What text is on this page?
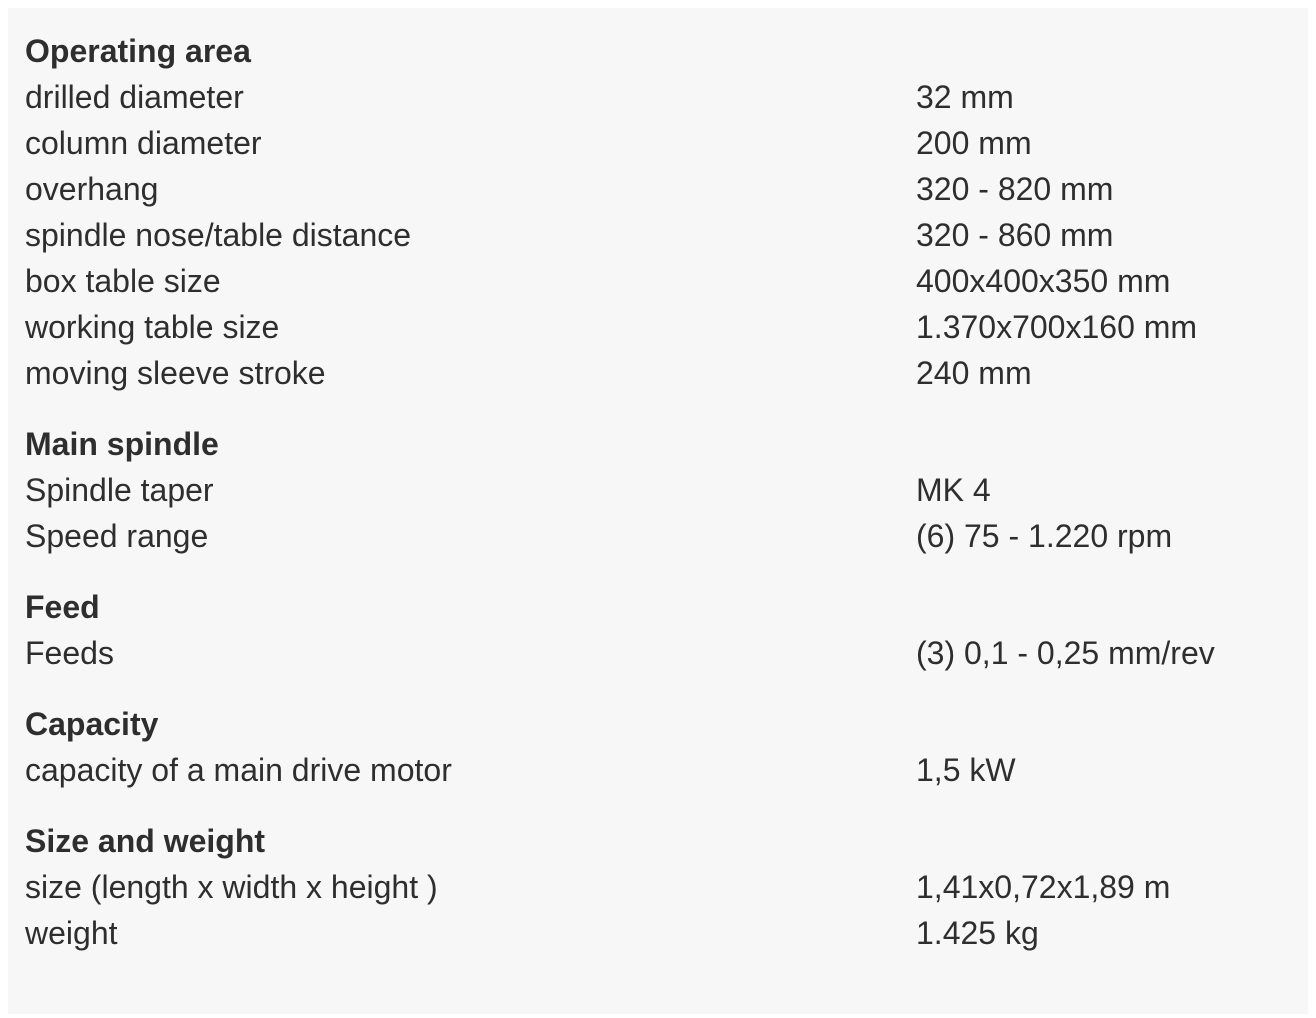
Operating area
drilled diameter	32 mm
column diameter	200 mm
overhang	320 - 820 mm
spindle nose/table distance	320 - 860 mm
box table size	400x400x350 mm
working table size	1.370x700x160 mm
moving sleeve stroke	240 mm
Main spindle
Spindle taper	MK 4
Speed range	(6) 75 - 1.220 rpm
Feed
Feeds	(3) 0,1 - 0,25 mm/rev
Capacity
capacity of a main drive motor	1,5 kW
Size and weight
size (length x width x height )	1,41x0,72x1,89 m
weight	1.425 kg
